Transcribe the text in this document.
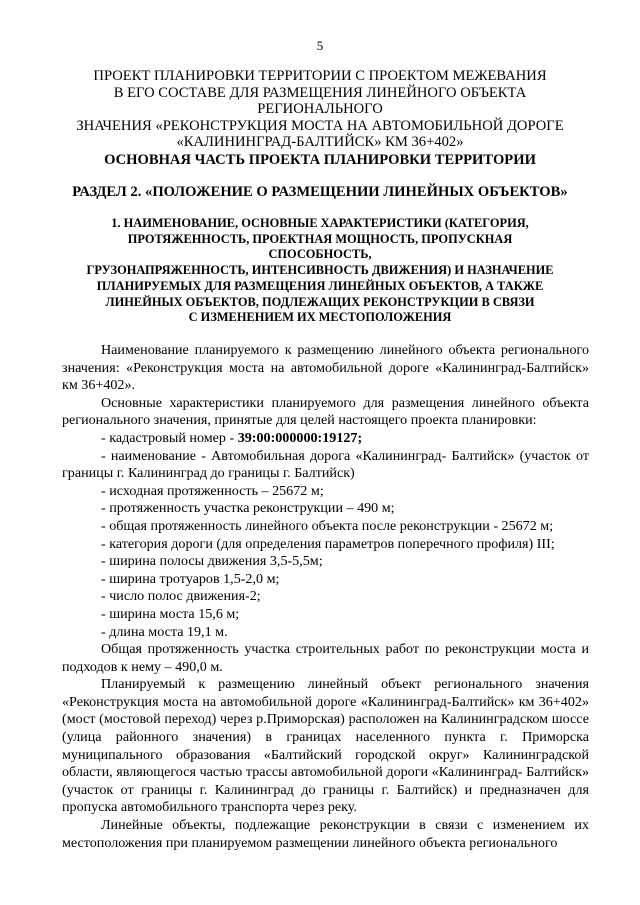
5
ПРОЕКТ ПЛАНИРОВКИ ТЕРРИТОРИИ С ПРОЕКТОМ МЕЖЕВАНИЯ
В ЕГО СОСТАВЕ ДЛЯ РАЗМЕЩЕНИЯ ЛИНЕЙНОГО ОБЪЕКТА РЕГИОНАЛЬНОГО
ЗНАЧЕНИЯ «РЕКОНСТРУКЦИЯ МОСТА НА АВТОМОБИЛЬНОЙ ДОРОГЕ
«КАЛИНИНГРАД-БАЛТИЙСК» КМ 36+402»
ОСНОВНАЯ ЧАСТЬ ПРОЕКТА ПЛАНИРОВКИ ТЕРРИТОРИИ
РАЗДЕЛ 2. «ПОЛОЖЕНИЕ О РАЗМЕЩЕНИИ ЛИНЕЙНЫХ ОБЪЕКТОВ»
1. НАИМЕНОВАНИЕ, ОСНОВНЫЕ ХАРАКТЕРИСТИКИ (КАТЕГОРИЯ,
ПРОТЯЖЕННОСТЬ, ПРОЕКТНАЯ МОЩНОСТЬ, ПРОПУСКНАЯ СПОСОБНОСТЬ,
ГРУЗОНАПРЯЖЕННОСТЬ, ИНТЕНСИВНОСТЬ ДВИЖЕНИЯ) И НАЗНАЧЕНИЕ
ПЛАНИРУЕМЫХ ДЛЯ РАЗМЕЩЕНИЯ ЛИНЕЙНЫХ ОБЪЕКТОВ, А ТАКЖЕ
ЛИНЕЙНЫХ ОБЪЕКТОВ, ПОДЛЕЖАЩИХ РЕКОНСТРУКЦИИ В СВЯЗИ
С ИЗМЕНЕНИЕМ ИХ МЕСТОПОЛОЖЕНИЯ

Наименование планируемого к размещению линейного объекта регионального значения: «Реконструкция моста на автомобильной дороге «Калининград-Балтийск» км 36+402».

Основные характеристики планируемого для размещения линейного объекта регионального значения, принятые для целей настоящего проекта планировки:

- кадастровый номер - 39:00:000000:19127;

- наименование - Автомобильная дорога «Калининград- Балтийск» (участок от границы г. Калининград до границы г. Балтийск)

- исходная протяженность – 25672 м;

- протяженность участка реконструкции – 490 м;

- общая протяженность линейного объекта после реконструкции - 25672 м;

- категория дороги (для определения параметров поперечного профиля) III;

- ширина полосы движения 3,5-5,5м;

- ширина тротуаров 1,5-2,0 м;

- число полос движения-2;

- ширина моста 15,6 м;

- длина моста 19,1 м.

Общая протяженность участка строительных работ по реконструкции моста и подходов к нему – 490,0 м.

Планируемый к размещению линейный объект регионального значения «Реконструкция моста на автомобильной дороге «Калининград-Балтийск» км 36+402» (мост (мостовой переход) через р.Приморская) расположен на Калининградском шоссе (улица районного значения) в границах населенного пункта г. Приморска муниципального образования «Балтийский городской округ» Калининградской области, являющегося частью трассы автомобильной дороги «Калининград- Балтийск» (участок от границы г. Калининград до границы г. Балтийск) и предназначен для пропуска автомобильного транспорта через реку.

Линейные объекты, подлежащие реконструкции в связи с изменением их местоположения при планируемом размещении линейного объекта регионального
